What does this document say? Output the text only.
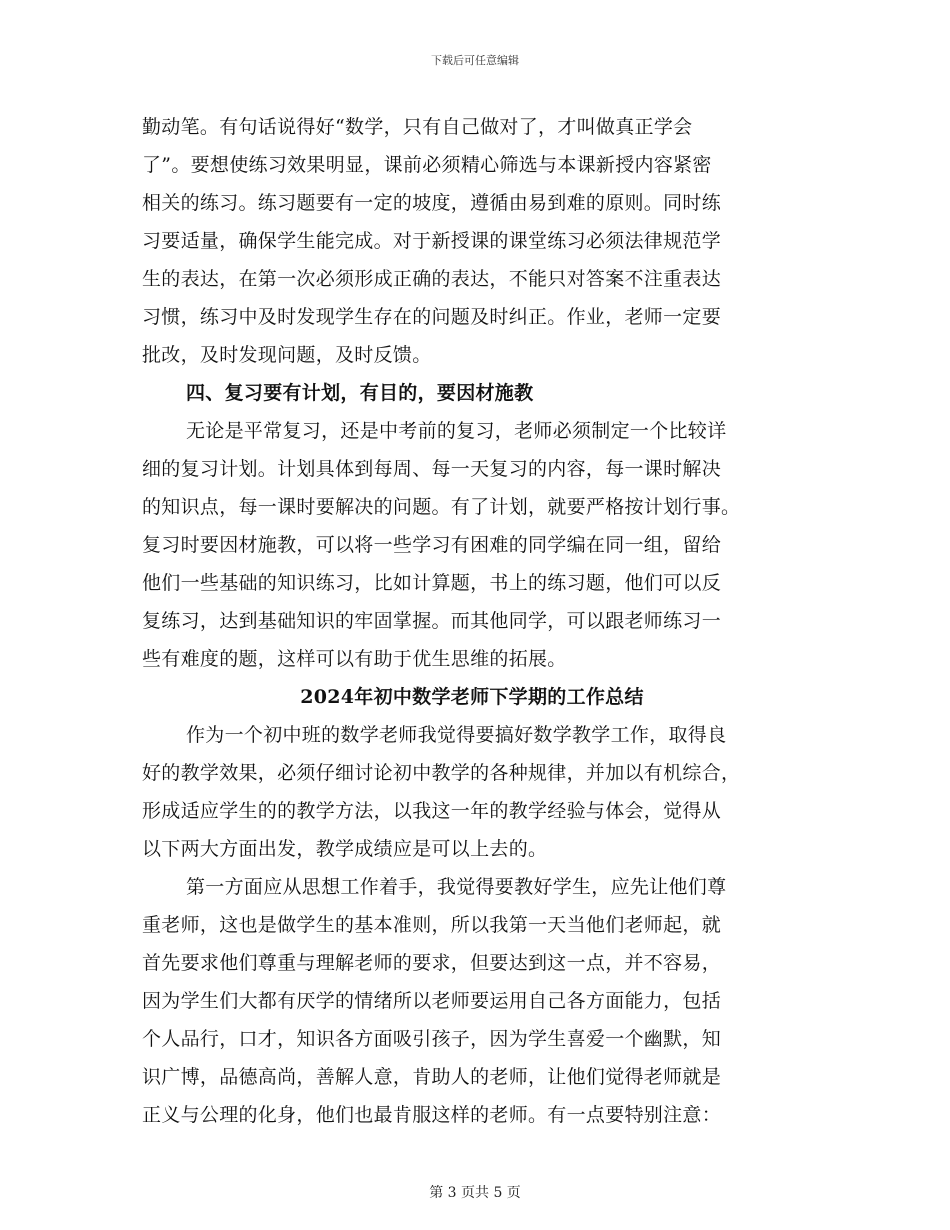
下载后可任意编辑
勤动笔。有句话说得好“数学，只有自己做对了，才叫做真正学会
了”。要想使练习效果明显，课前必须精心筛选与本课新授内容紧密
相关的练习。练习题要有一定的坡度，遵循由易到难的原则。同时练
习要适量，确保学生能完成。对于新授课的课堂练习必须法律规范学
生的表达，在第一次必须形成正确的表达，不能只对答案不注重表达
习惯，练习中及时发现学生存在的问题及时纠正。作业，老师一定要
批改，及时发现问题，及时反馈。
四、复习要有计划，有目的，要因材施教
无论是平常复习，还是中考前的复习，老师必须制定一个比较详
细的复习计划。计划具体到每周、每一天复习的内容，每一课时解决
的知识点，每一课时要解决的问题。有了计划，就要严格按计划行事。
复习时要因材施教，可以将一些学习有困难的同学编在同一组，留给
他们一些基础的知识练习，比如计算题，书上的练习题，他们可以反
复练习，达到基础知识的牢固掌握。而其他同学，可以跟老师练习一
些有难度的题，这样可以有助于优生思维的拓展。
2024年初中数学老师下学期的工作总结
作为一个初中班的数学老师我觉得要搞好数学教学工作，取得良
好的教学效果，必须仔细讨论初中教学的各种规律，并加以有机综合，
形成适应学生的的教学方法，以我这一年的教学经验与体会，觉得从
以下两大方面出发，教学成绩应是可以上去的。
第一方面应从思想工作着手，我觉得要教好学生，应先让他们尊
重老师，这也是做学生的基本准则，所以我第一天当他们老师起，就
首先要求他们尊重与理解老师的要求，但要达到这一点，并不容易，
因为学生们大都有厌学的情绪所以老师要运用自己各方面能力，包括
个人品行，口才，知识各方面吸引孩子，因为学生喜爱一个幽默，知
识广博，品德高尚，善解人意，肯助人的老师，让他们觉得老师就是
正义与公理的化身，他们也最肯服这样的老师。有一点要特别注意：
第 3 页共 5 页
